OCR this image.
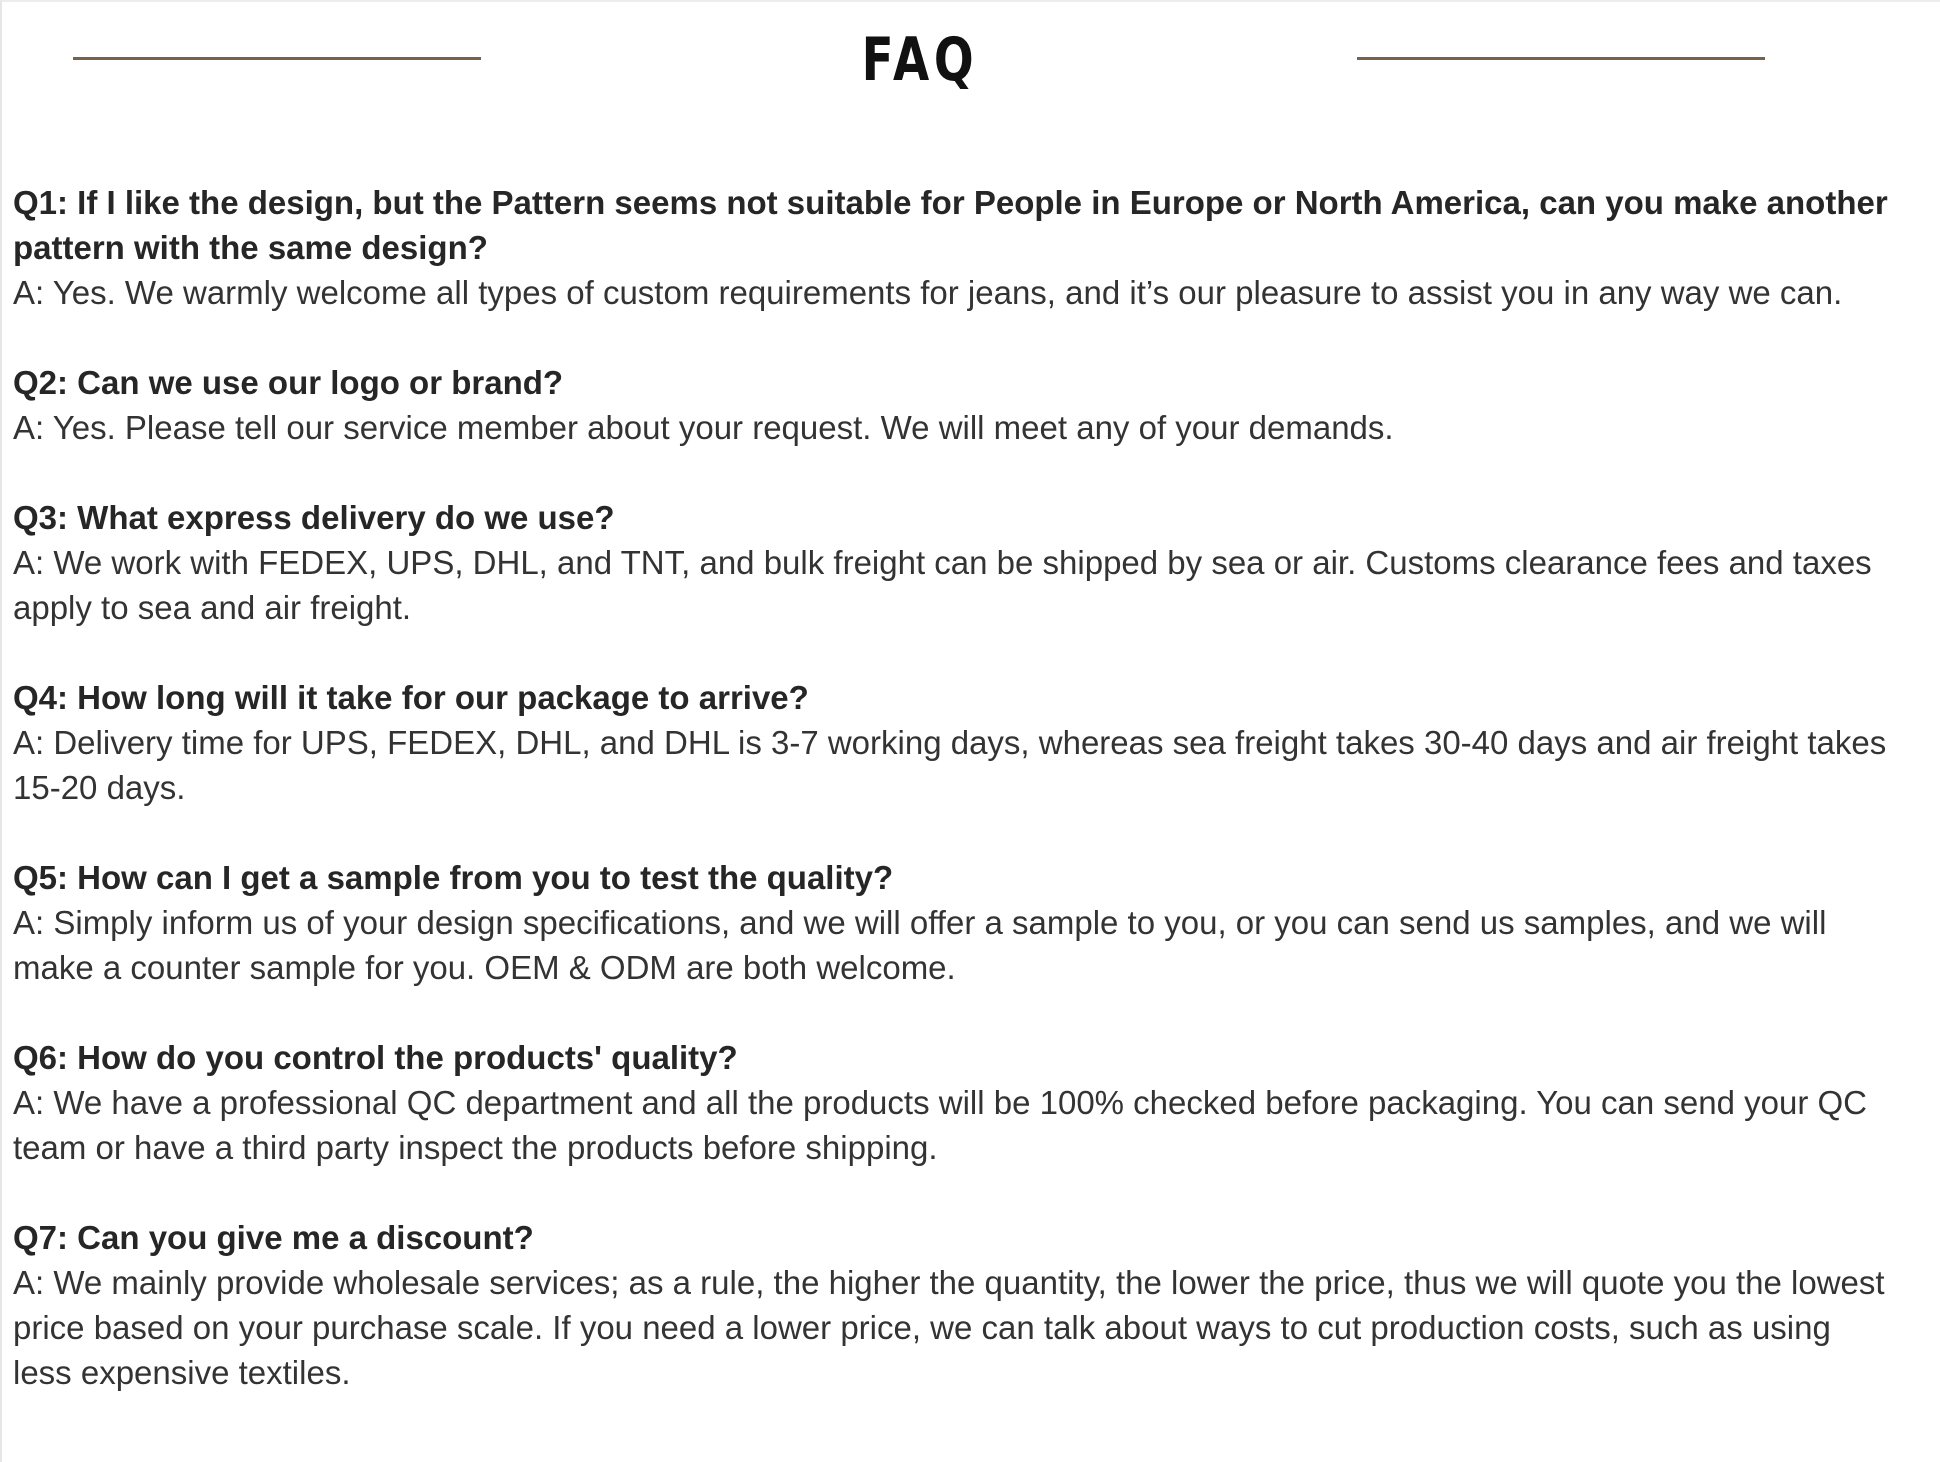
FAQ
Q1: If I like the design, but the Pattern seems not suitable for People in Europe or North America, can you make another pattern with the same design?
A: Yes. We warmly welcome all types of custom requirements for jeans, and it’s our pleasure to assist you in any way we can.
Q2: Can we use our logo or brand?
A: Yes. Please tell our service member about your request. We will meet any of your demands.
Q3: What express delivery do we use?
A: We work with FEDEX, UPS, DHL, and TNT, and bulk freight can be shipped by sea or air. Customs clearance fees and taxes apply to sea and air freight.
Q4: How long will it take for our package to arrive?
A: Delivery time for UPS, FEDEX, DHL, and DHL is 3-7 working days, whereas sea freight takes 30-40 days and air freight takes 15-20 days.
Q5: How can I get a sample from you to test the quality?
A: Simply inform us of your design specifications, and we will offer a sample to you, or you can send us samples, and we will make a counter sample for you. OEM & ODM are both welcome.
Q6: How do you control the products' quality?
A: We have a professional QC department and all the products will be 100% checked before packaging. You can send your QC team or have a third party inspect the products before shipping.
Q7: Can you give me a discount?
A: We mainly provide wholesale services; as a rule, the higher the quantity, the lower the price, thus we will quote you the lowest price based on your purchase scale. If you need a lower price, we can talk about ways to cut production costs, such as using less expensive textiles.
